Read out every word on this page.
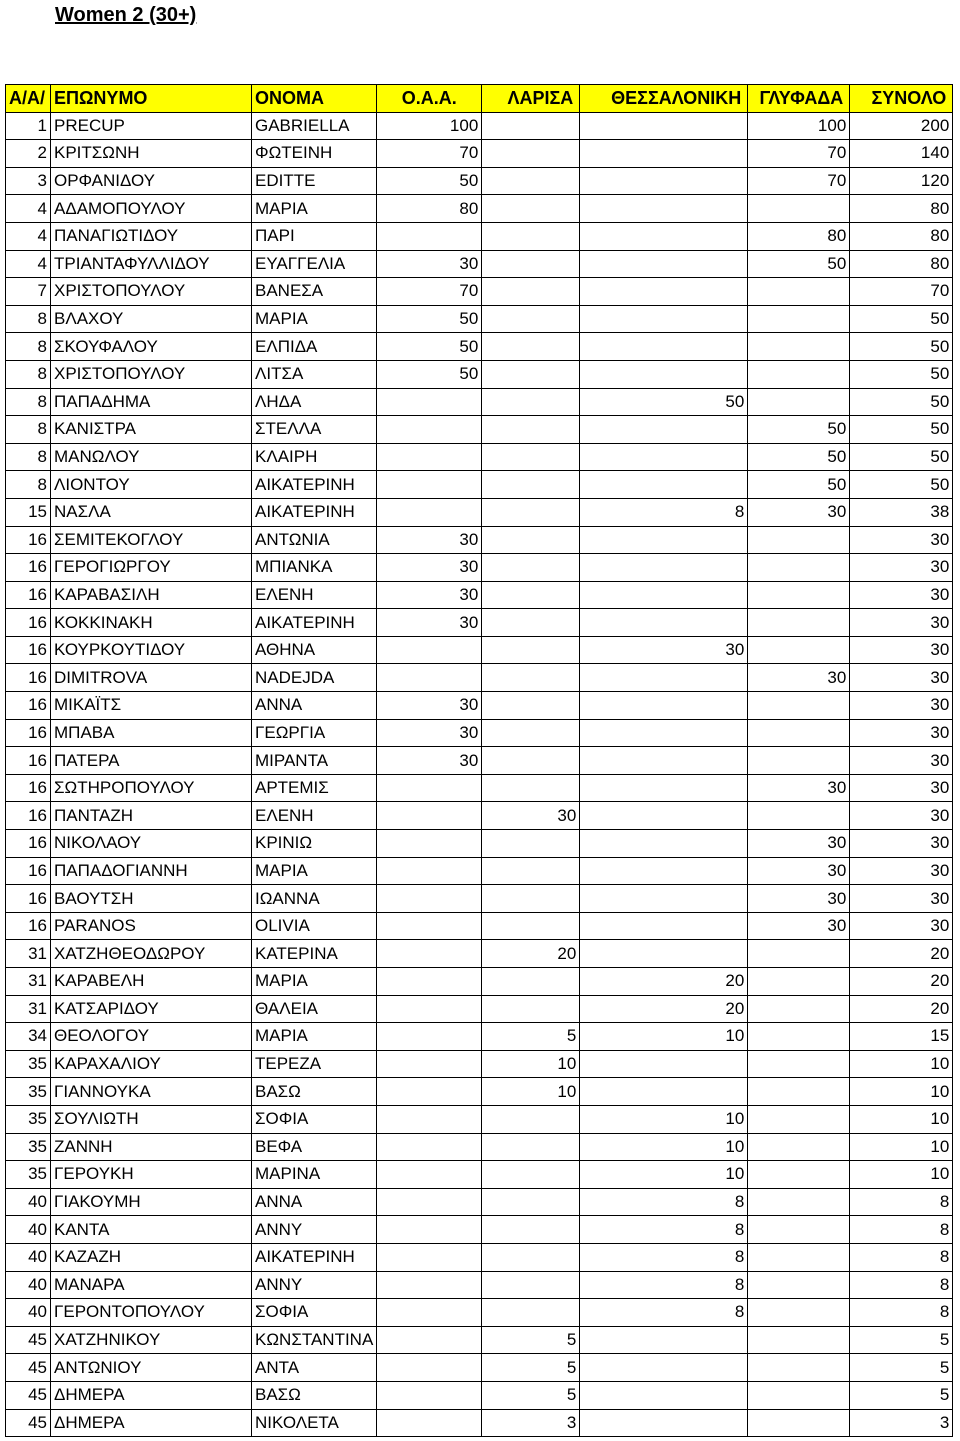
Women 2 (30+)
Α/Α/	ΕΠΩΝΥΜΟ	ΟΝΟΜΑ	Ο.Α.Α.	ΛΑΡΙΣΑ	ΘΕΣΣΑΛΟΝΙΚΗ	ΓΛΥΦΑΔΑ	ΣΥΝΟΛΟ
1	PRECUP	GABRIELLA	100			100	200
2	ΚΡΙΤΣΩΝΗ	ΦΩΤΕΙΝΗ	70			70	140
3	ΟΡΦΑΝΙΔΟΥ	EDITTE	50			70	120
4	ΑΔΑΜΟΠΟΥΛΟΥ	ΜΑΡΙΑ	80				80
4	ΠΑΝΑΓΙΩΤΙΔΟΥ	ΠΑΡΙ				80	80
4	ΤΡΙΑΝΤΑΦΥΛΛΙΔΟΥ	ΕΥΑΓΓΕΛΙΑ	30			50	80
7	ΧΡΙΣΤΟΠΟΥΛΟΥ	ΒΑΝΕΣΑ	70				70
8	ΒΛΑΧΟΥ	ΜΑΡΙΑ	50				50
8	ΣΚΟΥΦΑΛΟΥ	ΕΛΠΙΔΑ	50				50
8	ΧΡΙΣΤΟΠΟΥΛΟΥ	ΛΙΤΣΑ	50				50
8	ΠΑΠΑΔΗΜΑ	ΛΗΔΑ			50		50
8	ΚΑΝΙΣΤΡΑ	ΣΤΕΛΛΑ				50	50
8	ΜΑΝΩΛΟΥ	ΚΛΑΙΡΗ				50	50
8	ΛΙΟΝΤΟΥ	ΑΙΚΑΤΕΡΙΝΗ				50	50
15	ΝΑΣΛΑ	ΑΙΚΑΤΕΡΙΝΗ			8	30	38
16	ΣΕΜΙΤΕΚΟΓΛΟΥ	ΑΝΤΩΝΙΑ	30				30
16	ΓΕΡΟΓΙΩΡΓΟΥ	ΜΠΙΑΝΚΑ	30				30
16	ΚΑΡΑΒΑΣΙΛΗ	ΕΛΕΝΗ	30				30
16	ΚΟΚΚΙΝΑΚΗ	ΑΙΚΑΤΕΡΙΝΗ	30				30
16	ΚΟΥΡΚΟΥΤΙΔΟΥ	ΑΘΗΝΑ			30		30
16	DIMITROVA	NADEJDA				30	30
16	ΜΙΚΑΪΤΣ	ΑΝΝΑ	30				30
16	ΜΠΑΒΑ	ΓΕΩΡΓΙΑ	30				30
16	ΠΑΤΕΡΑ	ΜΙΡΑΝΤΑ	30				30
16	ΣΩΤΗΡΟΠΟΥΛΟΥ	ΑΡΤΕΜΙΣ				30	30
16	ΠΑΝΤΑΖΗ	ΕΛΕΝΗ		30			30
16	ΝΙΚΟΛΑΟΥ	ΚΡΙΝΙΩ				30	30
16	ΠΑΠΑΔΟΓΙΑΝΝΗ	ΜΑΡΙΑ				30	30
16	ΒΑΟΥΤΣΗ	ΙΩΑΝΝΑ				30	30
16	PARANOS	OLIVIA				30	30
31	ΧΑΤΖΗΘΕΟΔΩΡΟΥ	ΚΑΤΕΡΙΝΑ		20			20
31	ΚΑΡΑΒΕΛΗ	ΜΑΡΙΑ			20		20
31	ΚΑΤΣΑΡΙΔΟΥ	ΘΑΛΕΙΑ			20		20
34	ΘΕΟΛΟΓΟΥ	ΜΑΡΙΑ		5	10		15
35	ΚΑΡΑΧΑΛΙΟΥ	ΤΕΡΕΖΑ		10			10
35	ΓΙΑΝΝΟΥΚΑ	ΒΑΣΩ		10			10
35	ΣΟΥΛΙΩΤΗ	ΣΟΦΙΑ			10		10
35	ΖΑΝΝΗ	ΒΕΦΑ			10		10
35	ΓΕΡΟΥΚΗ	ΜΑΡΙΝΑ			10		10
40	ΓΙΑΚΟΥΜΗ	ΑΝΝΑ			8		8
40	ΚΑΝΤΑ	ΑΝΝΥ			8		8
40	ΚΑΖΑΖΗ	ΑΙΚΑΤΕΡΙΝΗ			8		8
40	ΜΑΝΑΡΑ	ΑΝΝΥ			8		8
40	ΓΕΡΟΝΤΟΠΟΥΛΟΥ	ΣΟΦΙΑ			8		8
45	ΧΑΤΖΗΝΙΚΟΥ	ΚΩΝΣΤΑΝΤΙΝΑ		5			5
45	ΑΝΤΩΝΙΟΥ	ΑΝΤΑ		5			5
45	ΔΗΜΕΡΑ	ΒΑΣΩ		5			5
45	ΔΗΜΕΡΑ	ΝΙΚΟΛΕΤΑ		3			3
